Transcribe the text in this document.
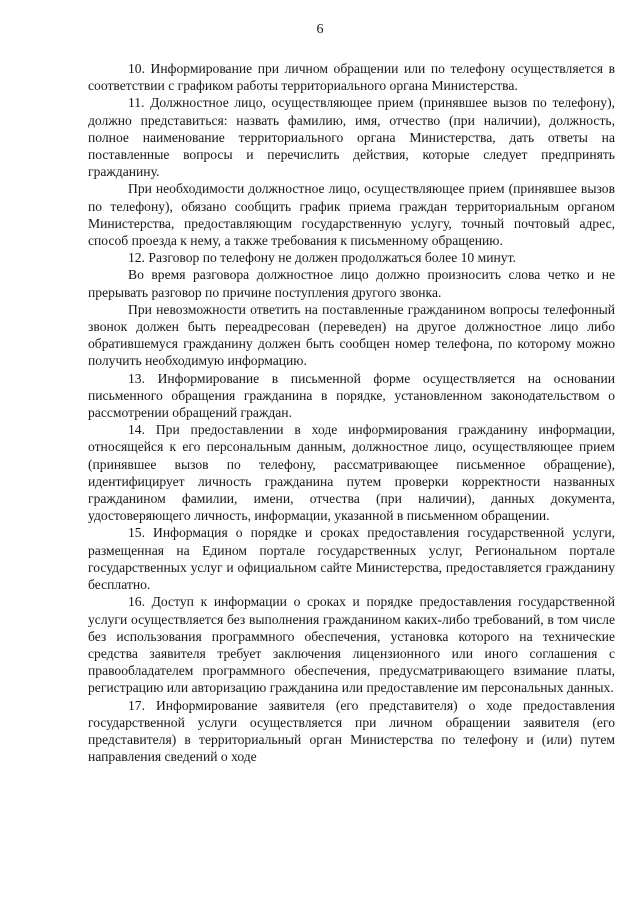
6

10. Информирование при личном обращении или по телефону осуществляется в соответствии с графиком работы территориального органа Министерства.

11. Должностное лицо, осуществляющее прием (принявшее вызов по телефону), должно представиться: назвать фамилию, имя, отчество (при наличии), должность, полное наименование территориального органа Министерства, дать ответы на поставленные вопросы и перечислить действия, которые следует предпринять гражданину.

При необходимости должностное лицо, осуществляющее прием (принявшее вызов по телефону), обязано сообщить график приема граждан территориальным органом Министерства, предоставляющим государственную услугу, точный почтовый адрес, способ проезда к нему, а также требования к письменному обращению.

12. Разговор по телефону не должен продолжаться более 10 минут.

Во время разговора должностное лицо должно произносить слова четко и не прерывать разговор по причине поступления другого звонка.

При невозможности ответить на поставленные гражданином вопросы телефонный звонок должен быть переадресован (переведен) на другое должностное лицо либо обратившемуся гражданину должен быть сообщен номер телефона, по которому можно получить необходимую информацию.

13. Информирование в письменной форме осуществляется на основании письменного обращения гражданина в порядке, установленном законодательством о рассмотрении обращений граждан.

14. При предоставлении в ходе информирования гражданину информации, относящейся к его персональным данным, должностное лицо, осуществляющее прием (принявшее вызов по телефону, рассматривающее письменное обращение), идентифицирует личность гражданина путем проверки корректности названных гражданином фамилии, имени, отчества (при наличии), данных документа, удостоверяющего личность, информации, указанной в письменном обращении.

15. Информация о порядке и сроках предоставления государственной услуги, размещенная на Едином портале государственных услуг, Региональном портале государственных услуг и официальном сайте Министерства, предоставляется гражданину бесплатно.

16. Доступ к информации о сроках и порядке предоставления государственной услуги осуществляется без выполнения гражданином каких-либо требований, в том числе без использования программного обеспечения, установка которого на технические средства заявителя требует заключения лицензионного или иного соглашения с правообладателем программного обеспечения, предусматривающего взимание платы, регистрацию или авторизацию гражданина или предоставление им персональных данных.

17. Информирование заявителя (его представителя) о ходе предоставления государственной услуги осуществляется при личном обращении заявителя (его представителя) в территориальный орган Министерства по телефону и (или) путем направления сведений о ходе
